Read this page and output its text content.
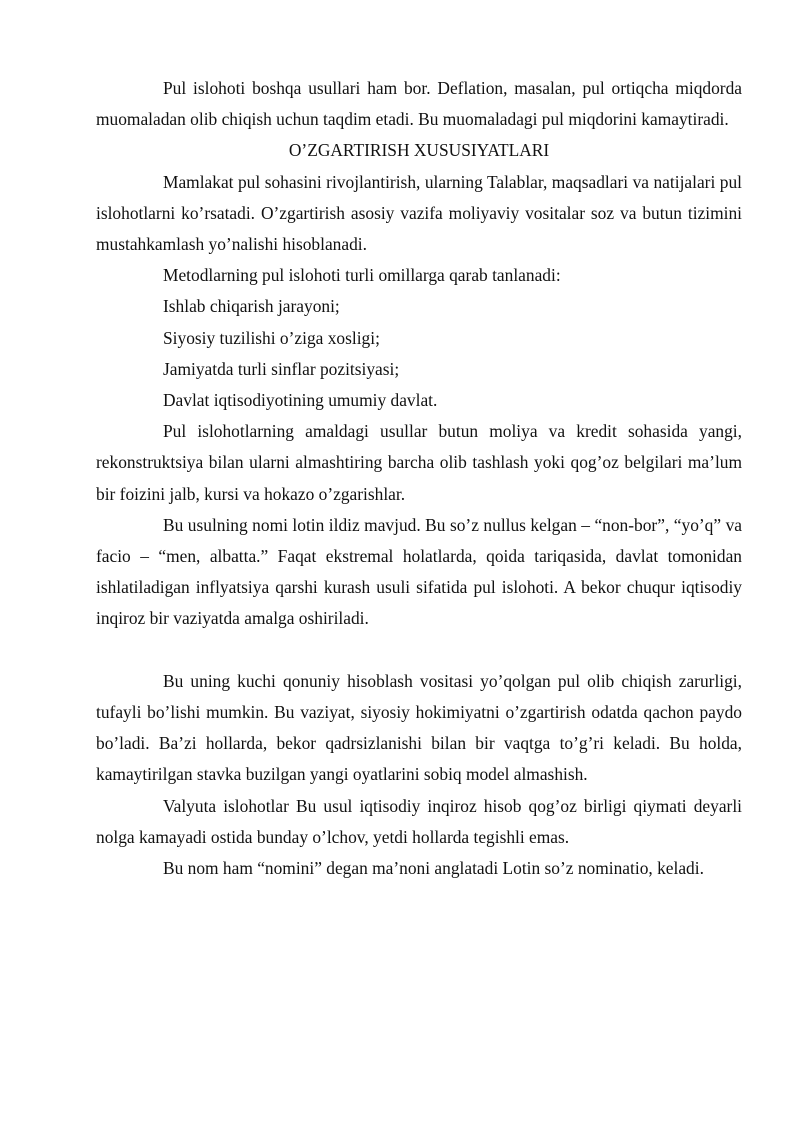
Pul islohoti boshqa usullari ham bor. Deflation, masalan, pul ortiqcha miqdorda muomaladan olib chiqish uchun taqdim etadi. Bu muomaladagi pul miqdorini kamaytiradi.

O’ZGARTIRISH XUSUSIYATLARI

Mamlakat pul sohasini rivojlantirish, ularning Talablar, maqsadlari va natijalari pul islohotlarni ko’rsatadi. O’zgartirish asosiy vazifa moliyaviy vositalar soz va butun tizimini mustahkamlash yo’nalishi hisoblanadi.

Metodlarning pul islohoti turli omillarga qarab tanlanadi:

Ishlab chiqarish jarayoni;

Siyosiy tuzilishi o’ziga xosligi;

Jamiyatda turli sinflar pozitsiyasi;

Davlat iqtisodiyotining umumiy davlat.

Pul islohotlarning amaldagi usullar butun moliya va kredit sohasida yangi, rekonstruktsiya bilan ularni almashtiring barcha olib tashlash yoki qog’oz belgilari ma’lum bir foizini jalb, kursi va hokazo o’zgarishlar.

Bu usulning nomi lotin ildiz mavjud. Bu so’z nullus kelgan – “non-bor”, “yo’q” va facio – “men, albatta.” Faqat ekstremal holatlarda, qoida tariqasida, davlat tomonidan ishlatiladigan inflyatsiya qarshi kurash usuli sifatida pul islohoti. A bekor chuqur iqtisodiy inqiroz bir vaziyatda amalga oshiriladi.

Bu uning kuchi qonuniy hisoblash vositasi yo’qolgan pul olib chiqish zarurligi, tufayli bo’lishi mumkin. Bu vaziyat, siyosiy hokimiyatni o’zgartirish odatda qachon paydo bo’ladi. Ba’zi hollarda, bekor qadrsizlanishi bilan bir vaqtga to’g’ri keladi. Bu holda, kamaytirilgan stavka buzilgan yangi oyatlarini sobiq model almashish.

Valyuta islohotlar Bu usul iqtisodiy inqiroz hisob qog’oz birligi qiymati deyarli nolga kamayadi ostida bunday o’lchov, yetdi hollarda tegishli emas.

Bu nom ham “nomini” degan ma’noni anglatadi Lotin so’z nominatio, keladi.
